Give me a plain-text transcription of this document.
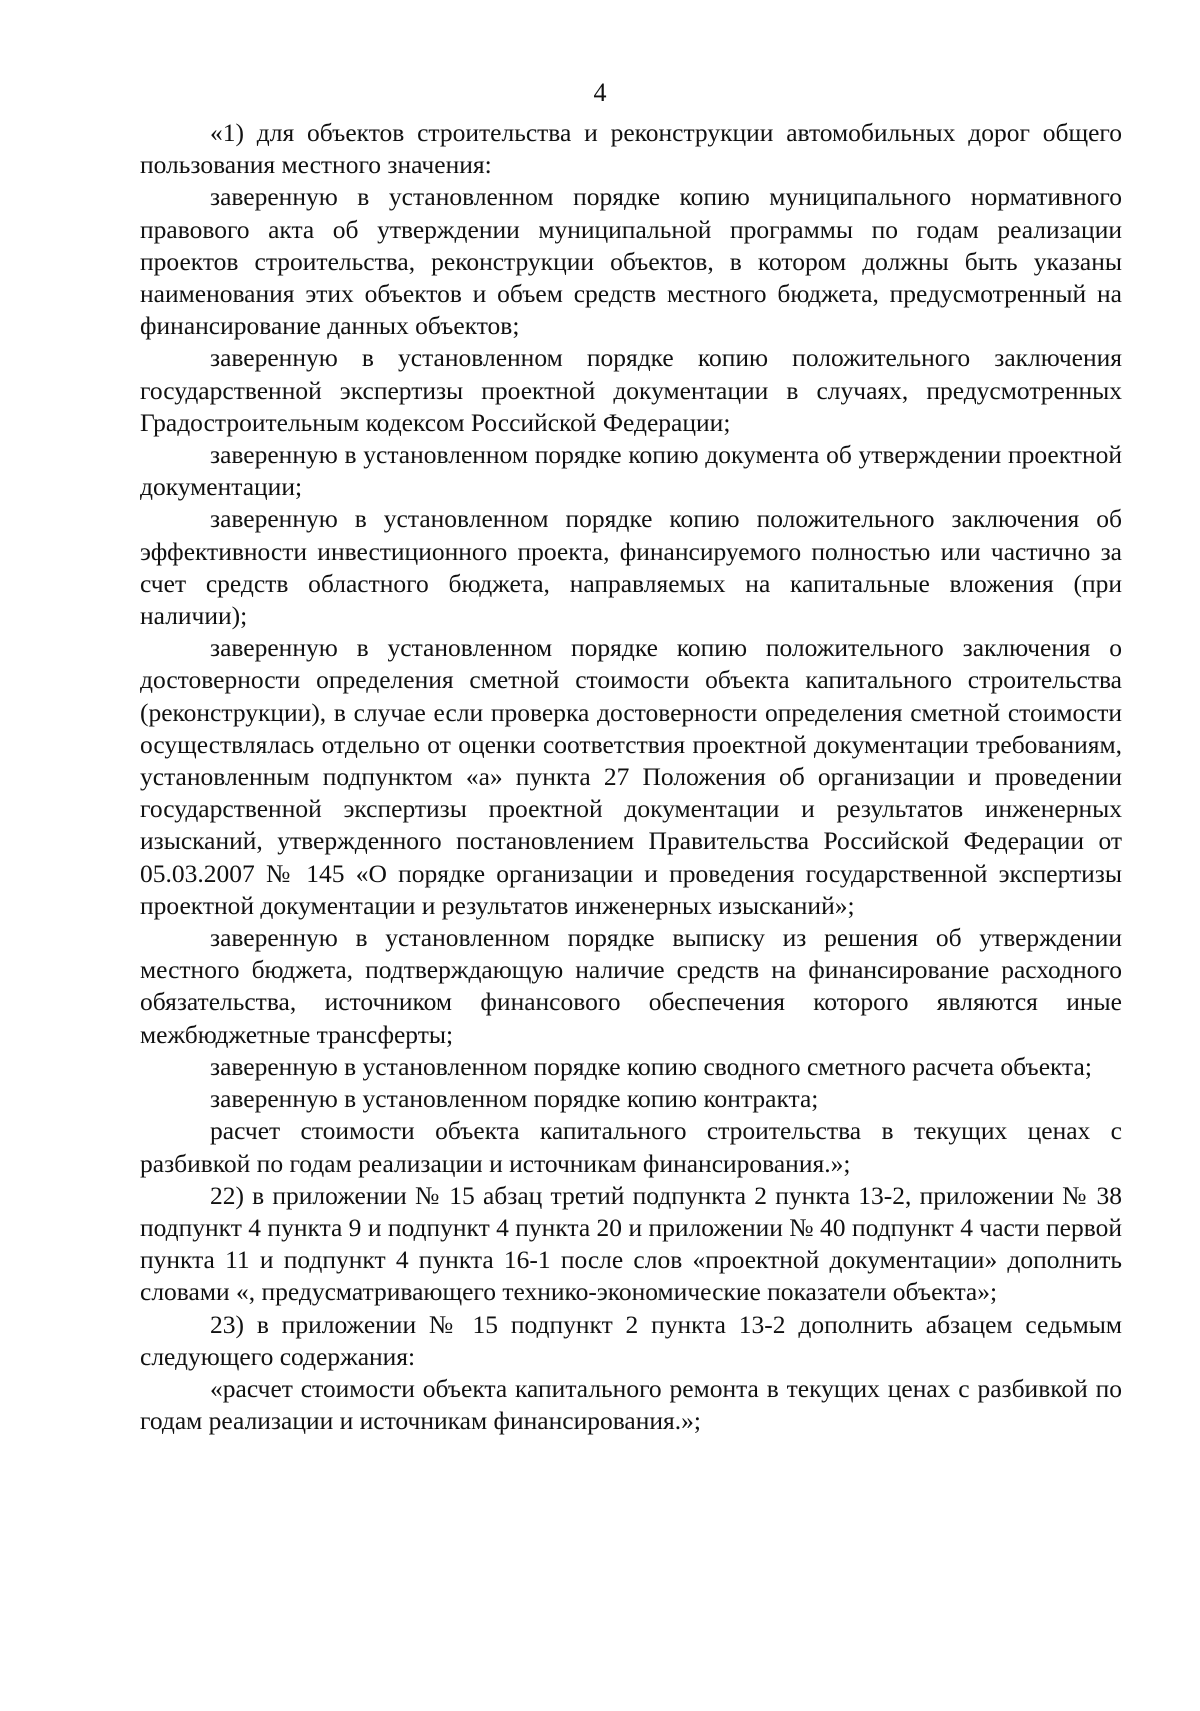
4

«1) для объектов строительства и реконструкции автомобильных дорог общего пользования местного значения:

заверенную в установленном порядке копию муниципального нормативного правового акта об утверждении муниципальной программы по годам реализации проектов строительства, реконструкции объектов, в котором должны быть указаны наименования этих объектов и объем средств местного бюджета, предусмотренный на финансирование данных объектов;

заверенную в установленном порядке копию положительного заключения государственной экспертизы проектной документации в случаях, предусмотренных Градостроительным кодексом Российской Федерации;

заверенную в установленном порядке копию документа об утверждении проектной документации;

заверенную в установленном порядке копию положительного заключения об эффективности инвестиционного проекта, финансируемого полностью или частично за счет средств областного бюджета, направляемых на капитальные вложения (при наличии);

заверенную в установленном порядке копию положительного заключения о достоверности определения сметной стоимости объекта капитального строительства (реконструкции), в случае если проверка достоверности определения сметной стоимости осуществлялась отдельно от оценки соответствия проектной документации требованиям, установленным подпунктом «а» пункта 27 Положения об организации и проведении государственной экспертизы проектной документации и результатов инженерных изысканий, утвержденного постановлением Правительства Российской Федерации от 05.03.2007 № 145 «О порядке организации и проведения государственной экспертизы проектной документации и результатов инженерных изысканий»;

заверенную в установленном порядке выписку из решения об утверждении местного бюджета, подтверждающую наличие средств на финансирование расходного обязательства, источником финансового обеспечения которого являются иные межбюджетные трансферты;

заверенную в установленном порядке копию сводного сметного расчета объекта;

заверенную в установленном порядке копию контракта;

расчет стоимости объекта капитального строительства в текущих ценах с разбивкой по годам реализации и источникам финансирования.»;

22) в приложении № 15 абзац третий подпункта 2 пункта 13-2, приложении № 38 подпункт 4 пункта 9 и подпункт 4 пункта 20 и приложении № 40 подпункт 4 части первой пункта 11 и подпункт 4 пункта 16-1 после слов «проектной документации» дополнить словами «, предусматривающего технико-экономические показатели объекта»;

23) в приложении № 15 подпункт 2 пункта 13-2 дополнить абзацем седьмым следующего содержания:

«расчет стоимости объекта капитального ремонта в текущих ценах с разбивкой по годам реализации и источникам финансирования.»;
